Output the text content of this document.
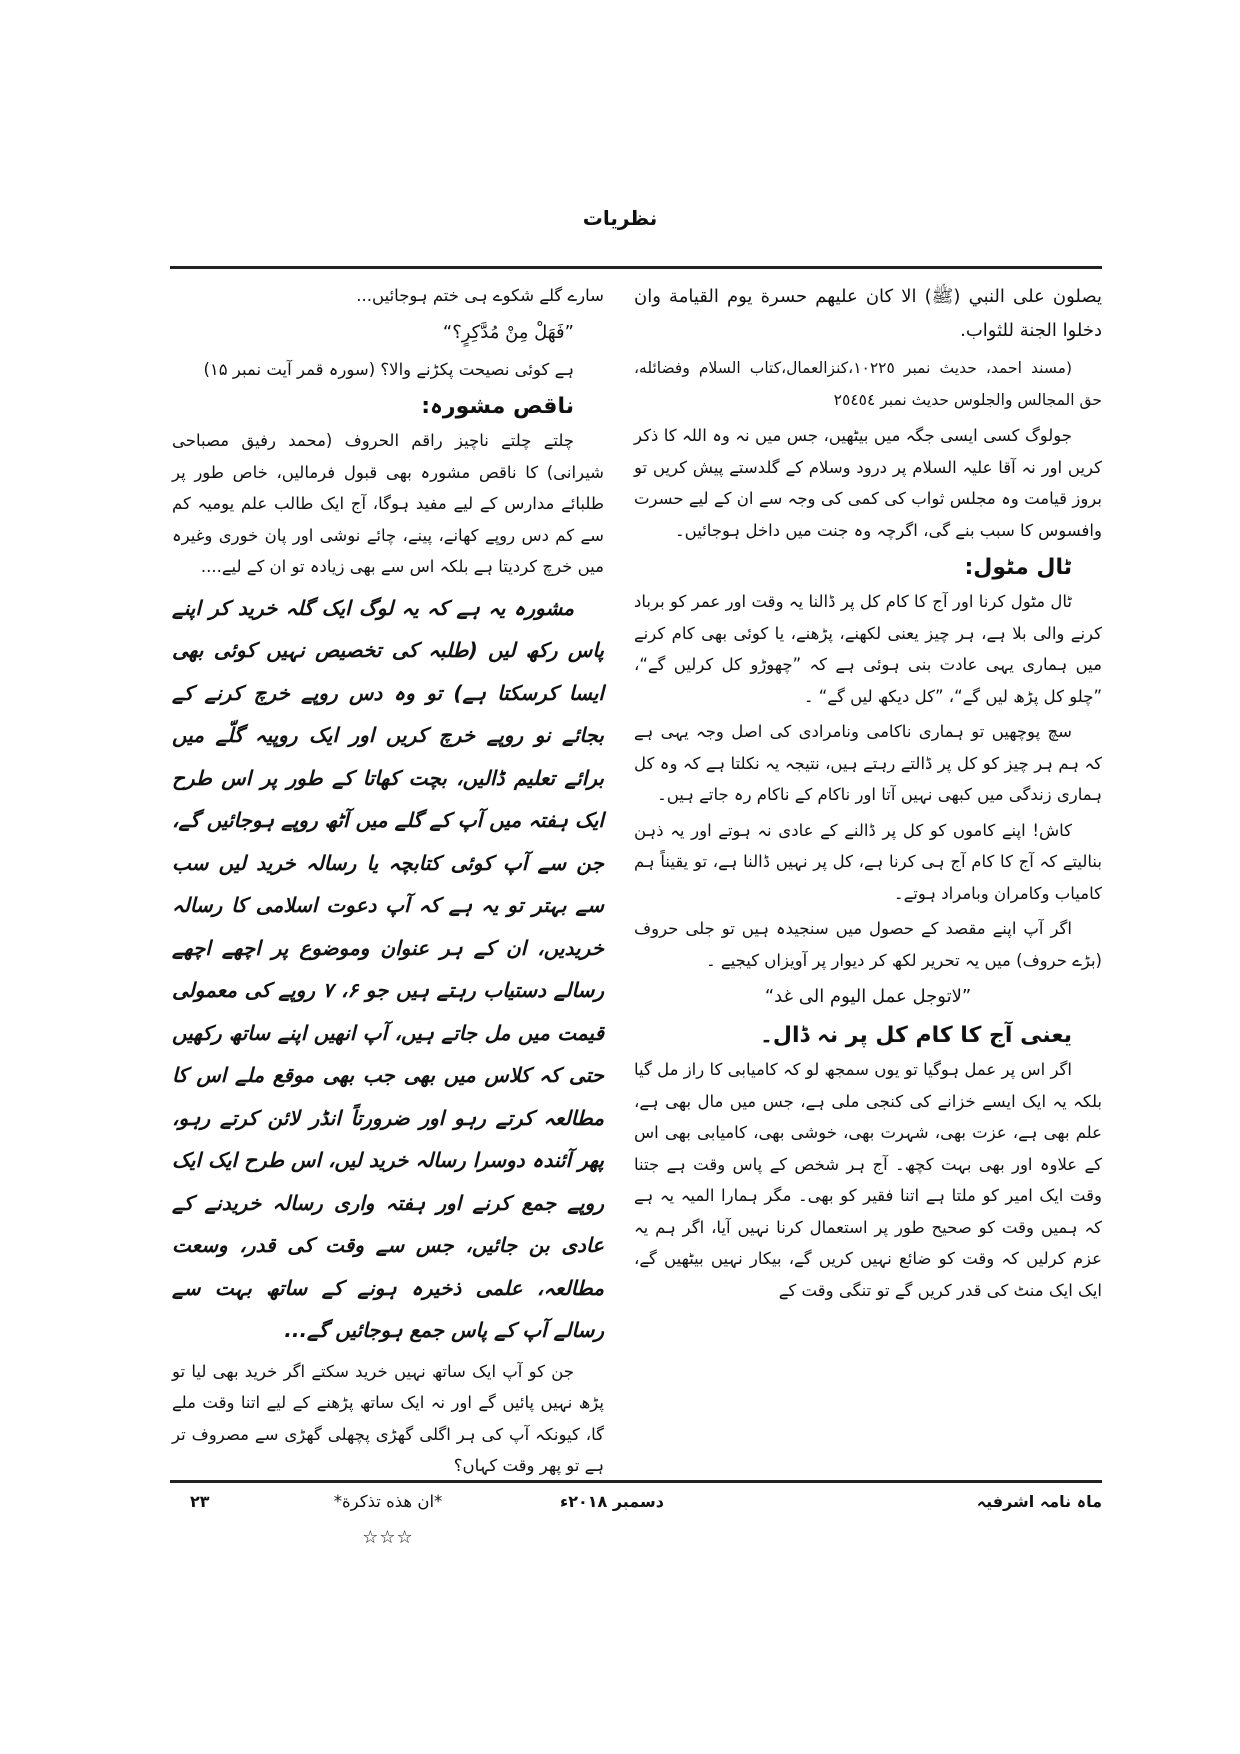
نظریات

يصلون على النبي (ﷺ) الا كان عليهم حسرة يوم القيامة وان دخلوا الجنة للثواب.

(مسند احمد، حديث نمبر ١٠٢٢٥،كنزالعمال،كتاب السلام وفضائله، حق المجالس والجلوس حديث نمبر ٢٥٤٥٤

جولوگ کسی ایسی جگہ میں بیٹھیں، جس میں نہ وہ اللہ کا ذکر کریں اور نہ آقا علیہ السلام پر درود وسلام کے گلدستے پیش کریں تو بروز قیامت وہ مجلس ثواب کی کمی کی وجہ سے ان کے لیے حسرت وافسوس کا سبب بنے گی، اگرچہ وہ جنت میں داخل ہوجائیں۔

ٹال مٹول:

ٹال مٹول کرنا اور آج کا کام کل پر ڈالنا یہ وقت اور عمر کو برباد کرنے والی بلا ہے، ہر چیز یعنی لکھنے، پڑھنے، یا کوئی بھی کام کرنے میں ہماری یہی عادت بنی ہوئی ہے کہ ”چھوڑو کل کرلیں گے“، ”چلو کل پڑھ لیں گے“، ”کل دیکھ لیں گے“ ۔

سچ پوچھیں تو ہماری ناکامی ونامرادی کی اصل وجہ یہی ہے کہ ہم ہر چیز کو کل پر ڈالتے رہتے ہیں، نتیجہ یہ نکلتا ہے کہ وہ کل ہماری زندگی میں کبھی نہیں آتا اور ناکام کے ناکام رہ جاتے ہیں۔

کاش! اپنے کاموں کو کل پر ڈالنے کے عادی نہ ہوتے اور یہ ذہن بنالیتے کہ آج کا کام آج ہی کرنا ہے، کل پر نہیں ڈالنا ہے، تو یقیناً ہم کامیاب وکامران وبامراد ہوتے۔

اگر آپ اپنے مقصد کے حصول میں سنجیدہ ہیں تو جلی حروف (بڑے حروف) میں یہ تحریر لکھ کر دیوار پر آویزاں کیجیے ۔

”لاتوجل عمل اليوم الى غد“

یعنی آج کا کام کل پر نہ ڈال۔

اگر اس پر عمل ہوگیا تو یوں سمجھ لو کہ کامیابی کا راز مل گیا بلکہ یہ ایک ایسے خزانے کی کنجی ملی ہے، جس میں مال بھی ہے، علم بھی ہے، عزت بھی، شہرت بھی، خوشی بھی، کامیابی بھی اس کے علاوہ اور بھی بہت کچھ۔ آج ہر شخص کے پاس وقت ہے جتنا وقت ایک امیر کو ملتا ہے اتنا فقیر کو بھی۔ مگر ہمارا المیہ یہ ہے کہ ہمیں وقت کو صحیح طور پر استعمال کرنا نہیں آیا، اگر ہم یہ عزم کرلیں کہ وقت کو ضائع نہیں کریں گے، بیکار نہیں بیٹھیں گے، ایک ایک منٹ کی قدر کریں گے تو تنگی وقت کے

سارے گلے شکوے ہی ختم ہوجائیں...

”فَهَلْ مِنْ مُدَّكِرٍ؟“

ہے کوئی نصیحت پکڑنے والا؟ (سورہ قمر آیت نمبر ۱۵)

ناقص مشورہ:

چلتے چلتے ناچیز راقم الحروف (محمد رفیق مصباحی شیرانی) کا ناقص مشورہ بھی قبول فرمالیں، خاص طور پر طلبائے مدارس کے لیے مفید ہوگا، آج ایک طالب علم یومیہ کم سے کم دس روپے کھانے، پینے، چائے نوشی اور پان خوری وغیرہ میں خرچ کردیتا ہے بلکہ اس سے بھی زیادہ تو ان کے لیے....

مشورہ یہ ہے کہ یہ لوگ ایک گلہ خرید کر اپنے پاس رکھ لیں (طلبہ کی تخصیص نہیں کوئی بھی ایسا کرسکتا ہے) تو وہ دس روپے خرچ کرنے کے بجائے نو روپے خرچ کریں اور ایک روپیہ گلّے میں برائے تعلیم ڈالیں، بچت کھاتا کے طور پر اس طرح ایک ہفتہ میں آپ کے گلے میں آٹھ روپے ہوجائیں گے، جن سے آپ کوئی کتابچہ یا رسالہ خرید لیں سب سے بہتر تو یہ ہے کہ آپ دعوت اسلامی کا رسالہ خریدیں، ان کے ہر عنوان وموضوع پر اچھے اچھے رسالے دستیاب رہتے ہیں جو ۶، ۷ روپے کی معمولی قیمت میں مل جاتے ہیں، آپ انھیں اپنے ساتھ رکھیں حتی کہ کلاس میں بھی جب بھی موقع ملے اس کا مطالعہ کرتے رہو اور ضرورتاً انڈر لائن کرتے رہو، پھر آئندہ دوسرا رسالہ خرید لیں، اس طرح ایک ایک روپے جمع کرنے اور ہفتہ واری رسالہ خریدنے کے عادی بن جائیں، جس سے وقت کی قدر، وسعت مطالعہ، علمی ذخیرہ ہونے کے ساتھ بہت سے رسالے آپ کے پاس جمع ہوجائیں گے...

جن کو آپ ایک ساتھ نہیں خرید سکتے اگر خرید بھی لیا تو پڑھ نہیں پائیں گے اور نہ ایک ساتھ پڑھنے کے لیے اتنا وقت ملے گا، کیونکہ آپ کی ہر اگلی گھڑی پچھلی گھڑی سے مصروف تر ہے تو پھر وقت کہاں؟

*ان هذه تذكرة*

☆☆☆
ماہ نامہ اشرفیہ
دسمبر ۲۰۱۸ء
۲۳
